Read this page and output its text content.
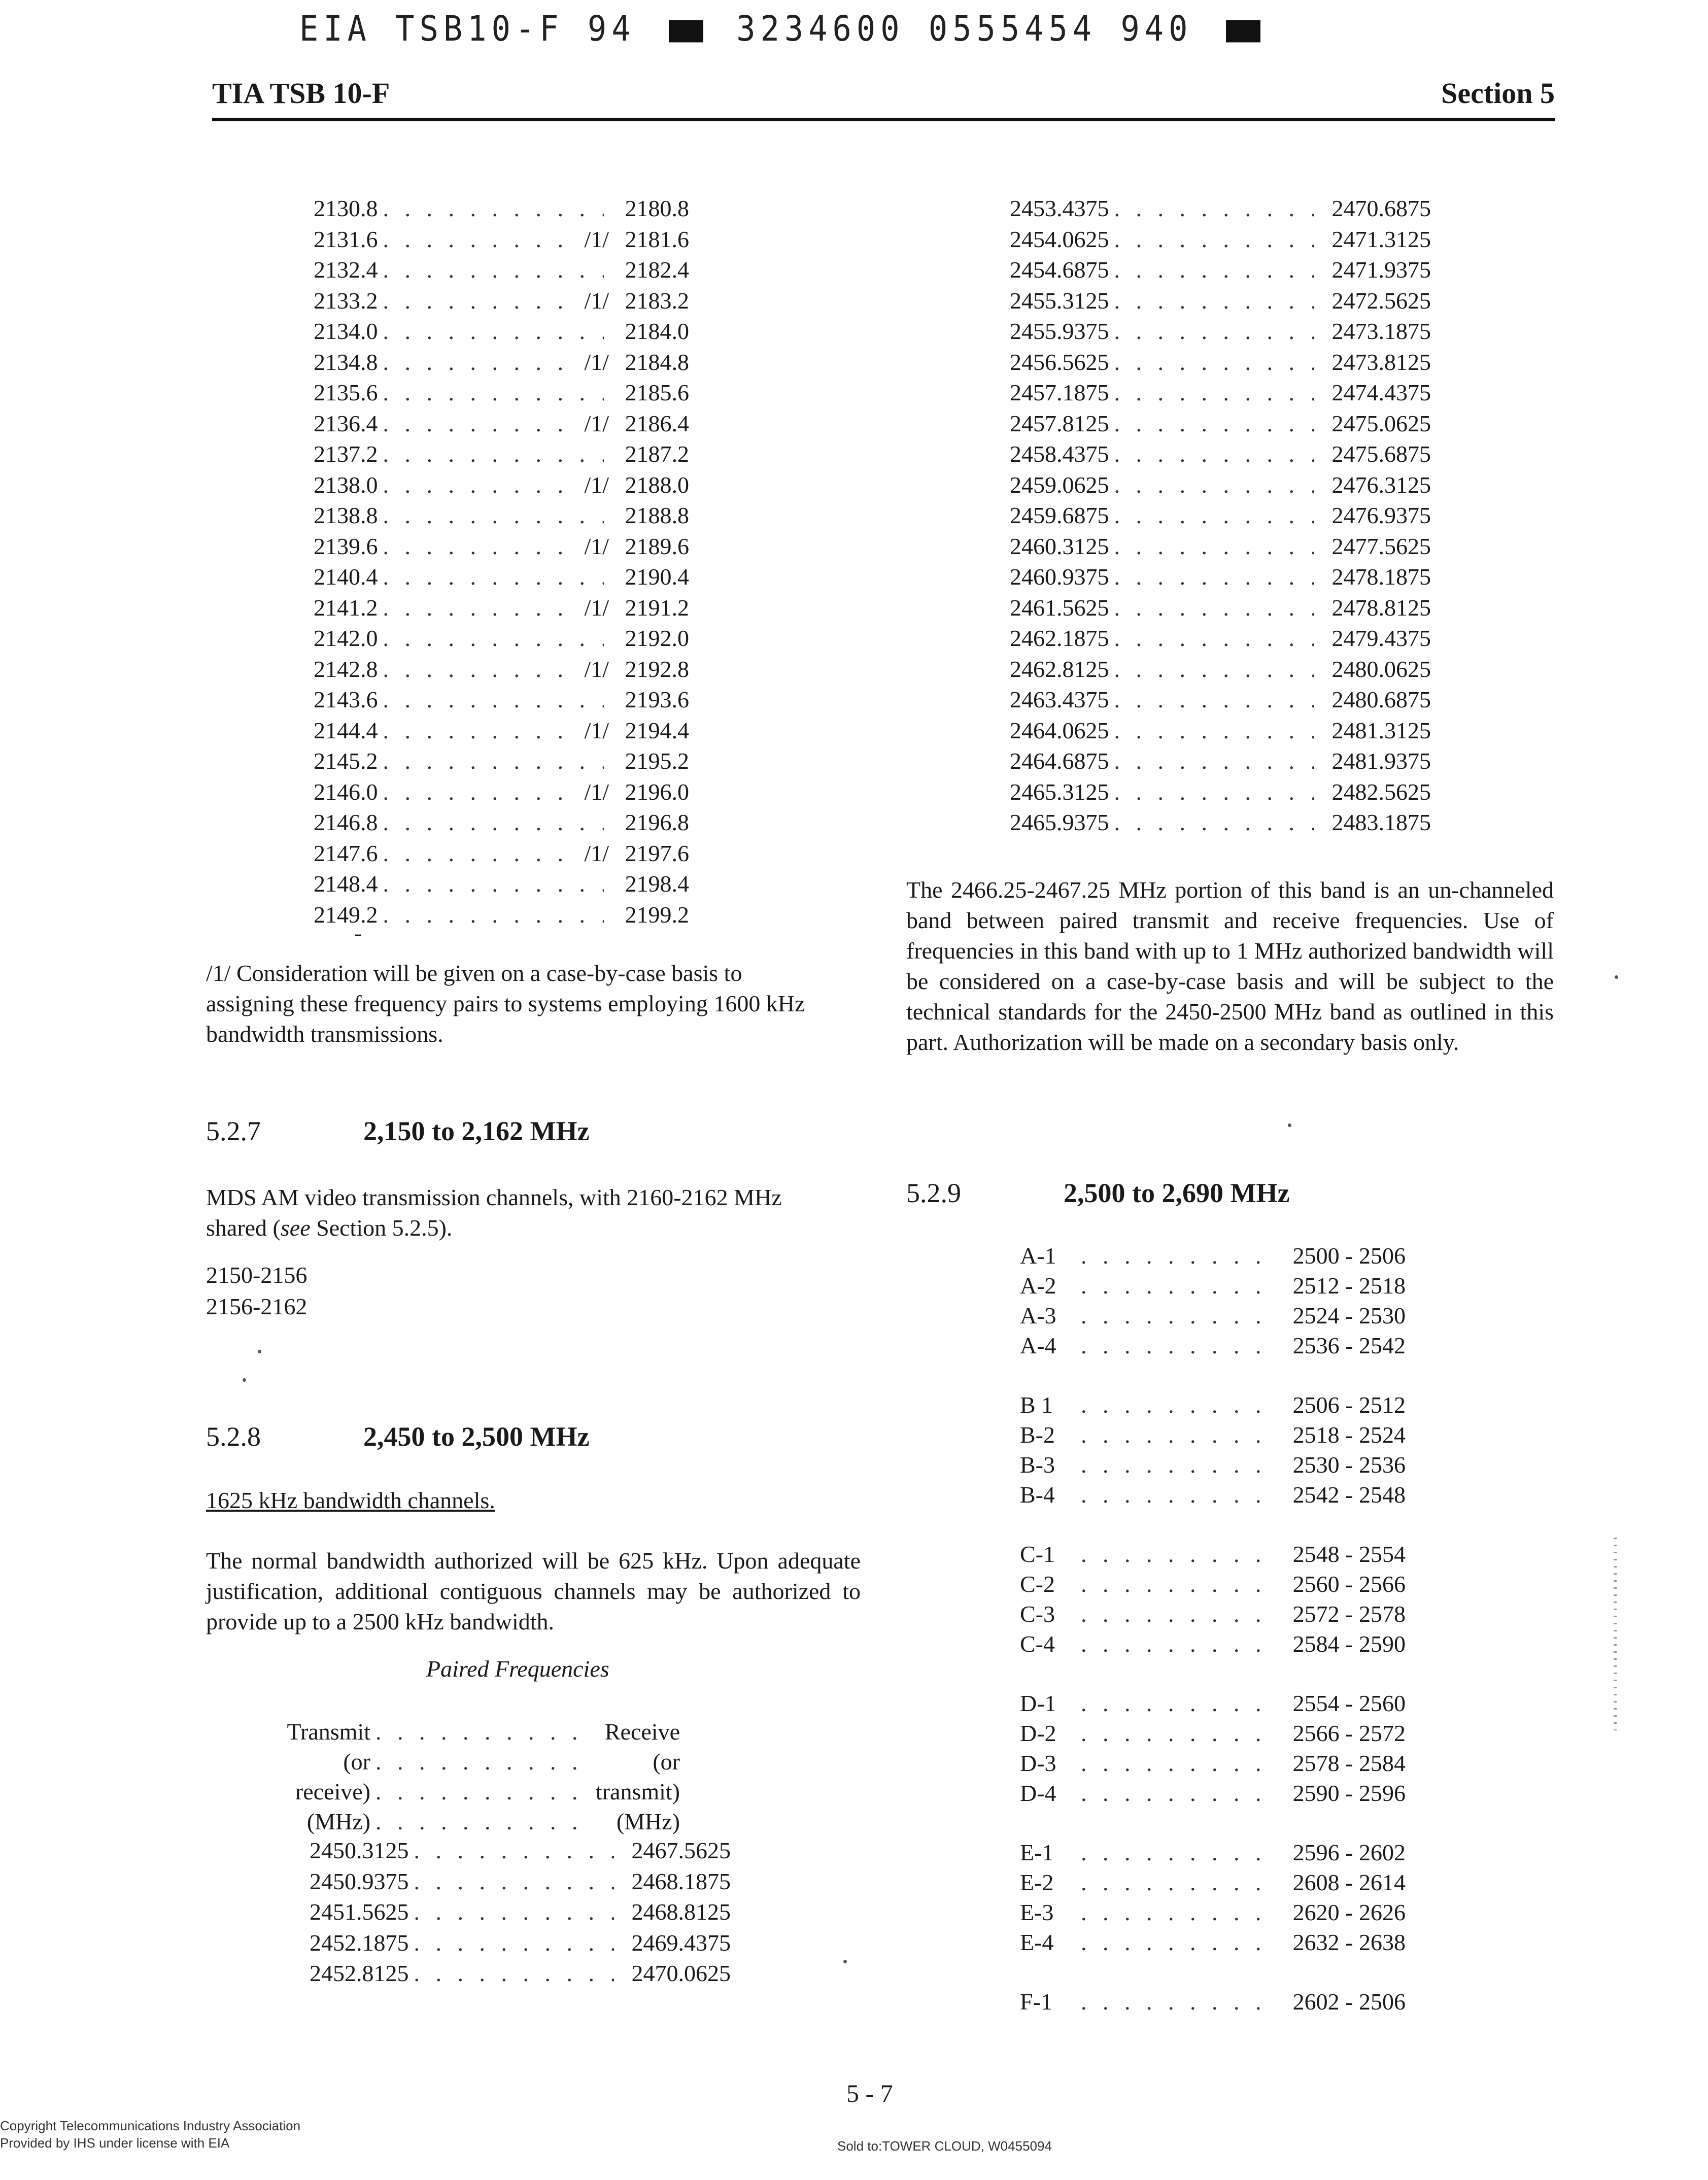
EIA TSB10-F 94	3234600 0555454 940
TIA TSB 10-F	Section 5
2130.8 . . .	2180.8
2131.6 . . .	/1/ 2181.6
2132.4 . . .	2182.4
2133.2 . . .	/1/ 2183.2
2134.0 . . .	2184.0
2134.8 . . .	/1/ 2184.8
2135.6 . . .	2185.6
2136.4 . . .	/1/ 2186.4
2137.2 . . .	2187.2
2138.0 . . .	/1/ 2188.0
2138.8 . . .	2188.8
2139.6 . . .	/1/ 2189.6
2140.4 . . .	2190.4
2141.2 . . .	/1/ 2191.2
2142.0 . . .	2192.0
2142.8 . . .	/1/ 2192.8
2143.6 . . .	2193.6
2144.4 . . .	/1/ 2194.4
2145.2 . . .	2195.2
2146.0 . . .	/1/ 2196.0
2146.8 . . .	2196.8
2147.6 . . .	/1/ 2197.6
2148.4 . . .	2198.4
2149.2 . . .	2199.2
-
/1/ Consideration will be given on a case-by-case basis to assigning these frequency pairs to systems employing 1600 kHz bandwidth transmissions.
2453.4375 . . .	2470.6875
2454.0625 . . .	2471.3125
2454.6875 . . .	2471.9375
2455.3125 . . .	2472.5625
2455.9375 . . .	2473.1875
2456.5625 . . .	2473.8125
2457.1875 . . .	2474.4375
2457.8125 . . .	2475.0625
2458.4375 . . .	2475.6875
2459.0625 . . .	2476.3125
2459.6875 . . .	2476.9375
2460.3125 . . .	2477.5625
2460.9375 . . .	2478.1875
2461.5625 . . .	2478.8125
2462.1875 . . .	2479.4375
2462.8125 . . .	2480.0625
2463.4375 . . .	2480.6875
2464.0625 . . .	2481.3125
2464.6875 . . .	2481.9375
2465.3125 . . .	2482.5625
2465.9375 . . .	2483.1875
The 2466.25-2467.25 MHz portion of this band is an un-channeled band between paired transmit and receive frequencies. Use of frequencies in this band with up to 1 MHz authorized bandwidth will be considered on a case-by-case basis and will be subject to the technical standards for the 2450-2500 MHz band as outlined in this part. Authorization will be made on a secondary basis only.
5.2.7	2,150 to 2,162 MHz
MDS AM video transmission channels, with 2160-2162 MHz shared (see Section 5.2.5).
2150-2156
2156-2162
5.2.8	2,450 to 2,500 MHz
1625 kHz bandwidth channels.
The normal bandwidth authorized will be 625 kHz. Upon adequate justification, additional contiguous channels may be authorized to provide up to a 2500 kHz bandwidth.
Paired Frequencies
Transmit . . .	Receive
(or . . .	(or
receive) . . .	transmit)
(MHz) . . .	(MHz)
2450.3125 . . .	2467.5625
2450.9375 . . .	2468.1875
2451.5625 . . .	2468.8125
2452.1875 . . .	2469.4375
2452.8125 . . .	2470.0625
5.2.9	2,500 to 2,690 MHz
A-1 . . .	2500 - 2506
A-2 . . .	2512 - 2518
A-3 . . .	2524 - 2530
A-4 . . .	2536 - 2542
B 1 . . .	2506 - 2512
B-2 . . .	2518 - 2524
B-3 . . .	2530 - 2536
B-4 . . .	2542 - 2548
C-1 . . .	2548 - 2554
C-2 . . .	2560 - 2566
C-3 . . .	2572 - 2578
C-4 . . .	2584 - 2590
D-1 . . .	2554 - 2560
D-2 . . .	2566 - 2572
D-3 . . .	2578 - 2584
D-4 . . .	2590 - 2596
E-1 . . .	2596 - 2602
E-2 . . .	2608 - 2614
E-3 . . .	2620 - 2626
E-4 . . .	2632 - 2638
F-1 . . .	2602 - 2506
5 - 7
Copyright Telecommunications Industry Association
Provided by IHS under license with EIA	Sold to:TOWER CLOUD, W0455094
